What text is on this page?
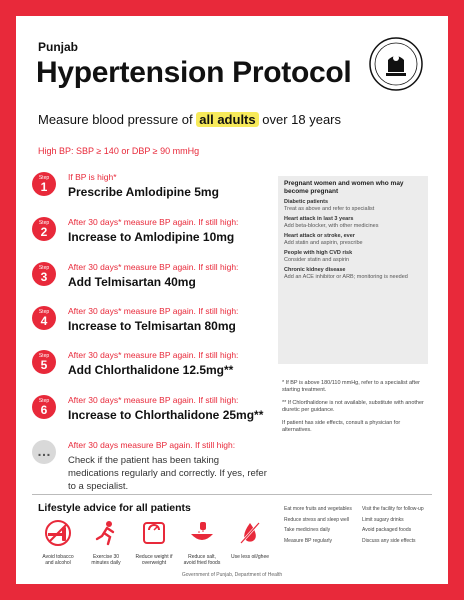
Punjab
Hypertension Protocol
Measure blood pressure of all adults over 18 years
High BP: SBP ≥ 140 or DBP ≥ 90 mmHg
Step
1
If BP is high*
Prescribe Amlodipine 5mg
Step
2
After 30 days* measure BP again. If still high:
Increase to Amlodipine 10mg
Step
3
After 30 days* measure BP again. If still high:
Add Telmisartan 40mg
Step
4
After 30 days* measure BP again. If still high:
Increase to Telmisartan 80mg
Step
5
After 30 days* measure BP again. If still high:
Add Chlorthalidone 12.5mg**
Step
6
After 30 days* measure BP again. If still high:
Increase to Chlorthalidone 25mg**
…	After 30 days measure BP again. If still high:
Check if the patient has been taking medications regularly and correctly. If yes, refer to a specialist.
Pregnant women and women who may become pregnant
Diabetic patients
Treat as above and refer to specialist
Heart attack in last 3 years
Add beta-blocker, with other medicines
Heart attack or stroke, ever
Add statin and aspirin, prescribe
People with high CVD risk
Consider statin and aspirin
Chronic kidney disease
Add an ACE inhibitor or ARB; monitoring is needed
* If BP is above 180/110 mmHg, refer to a specialist after starting treatment.
** If Chlorthalidone is not available, substitute with another diuretic per guidance.
If patient has side effects, consult a physician for alternatives.
Lifestyle advice for all patients
Avoid tobacco and alcohol
Exercise 30 minutes daily
Reduce weight if overweight
Reduce salt, avoid fried foods
Use less oil/ghee
Eat more fruits and vegetables
Reduce stress and sleep well
Take medicines daily
Measure BP regularly
Visit the facility for follow-up
Limit sugary drinks
Avoid packaged foods
Discuss any side effects
Government of Punjab, Department of Health
